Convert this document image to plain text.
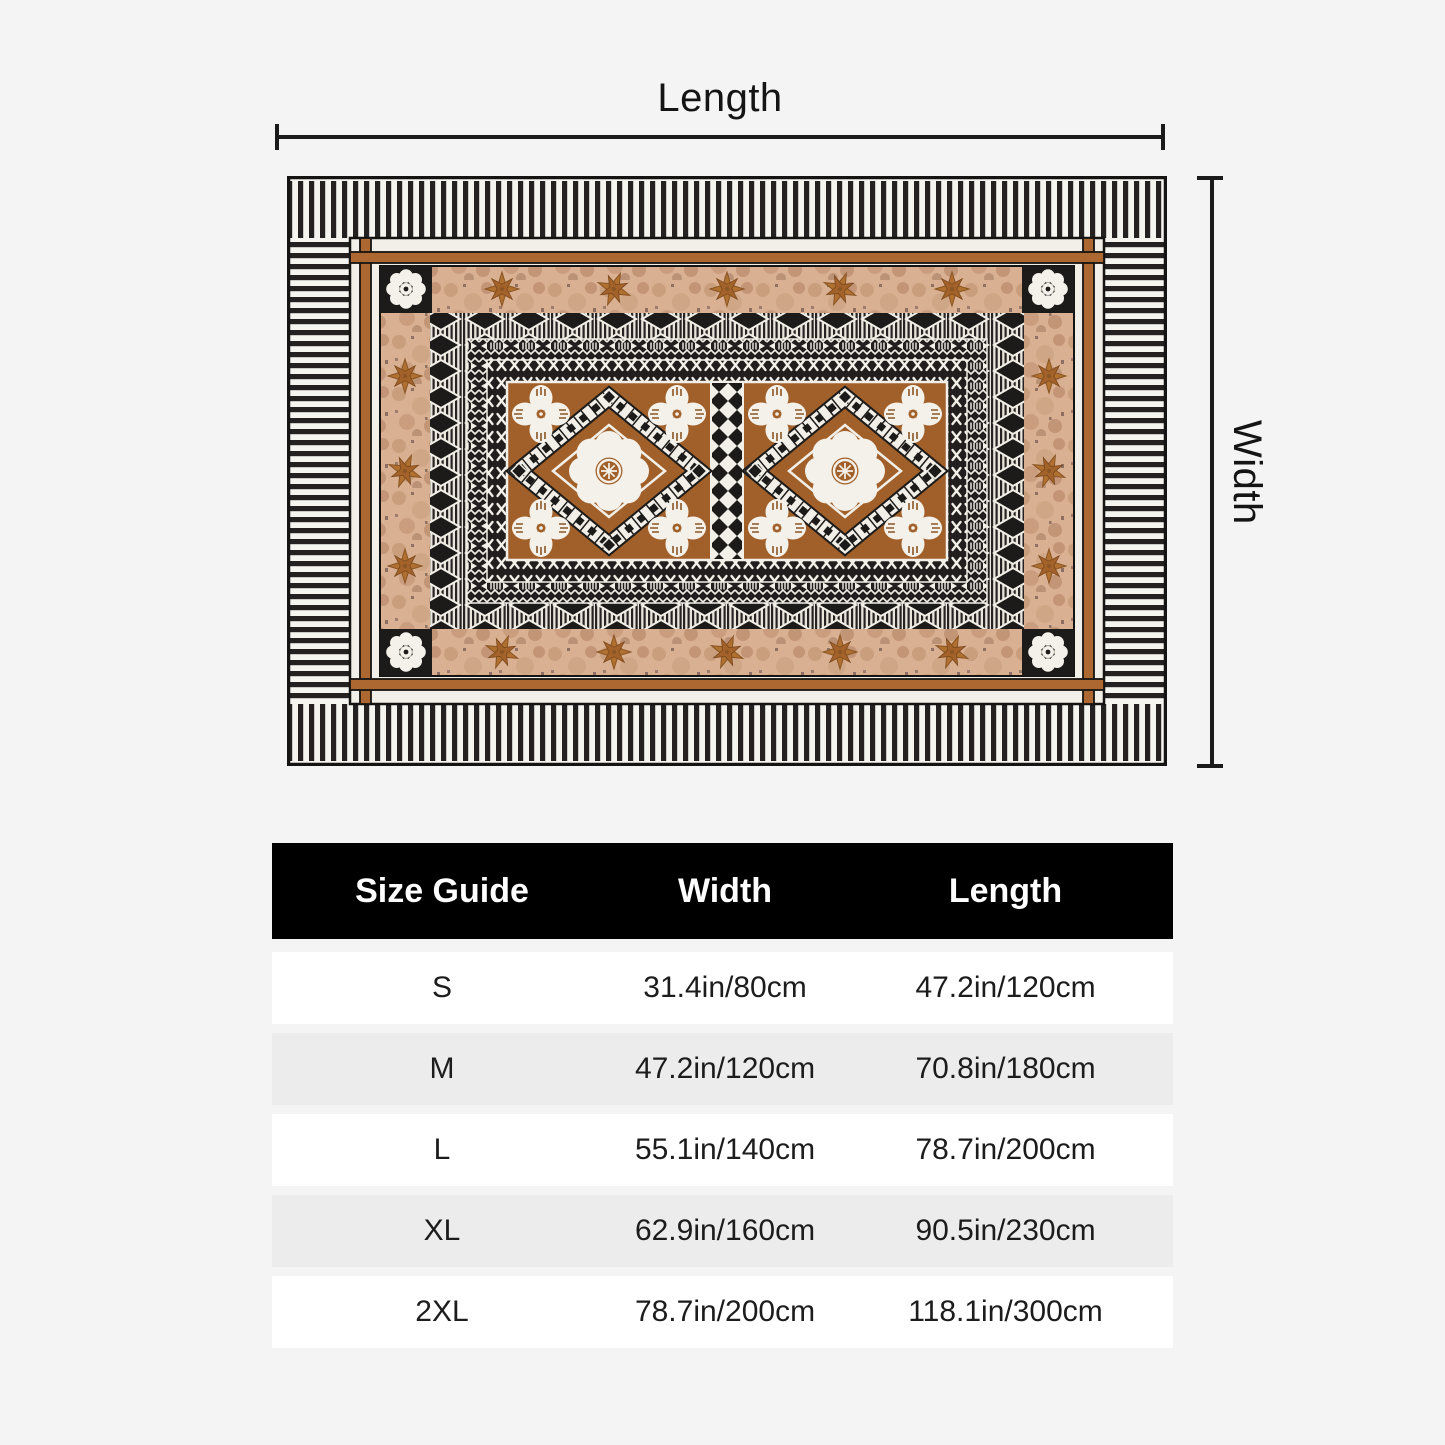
Length
Width
Size Guide	Width	Length
S	31.4in/80cm	47.2in/120cm
M	47.2in/120cm	70.8in/180cm
L	55.1in/140cm	78.7in/200cm
XL	62.9in/160cm	90.5in/230cm
2XL	78.7in/200cm	118.1in/300cm
